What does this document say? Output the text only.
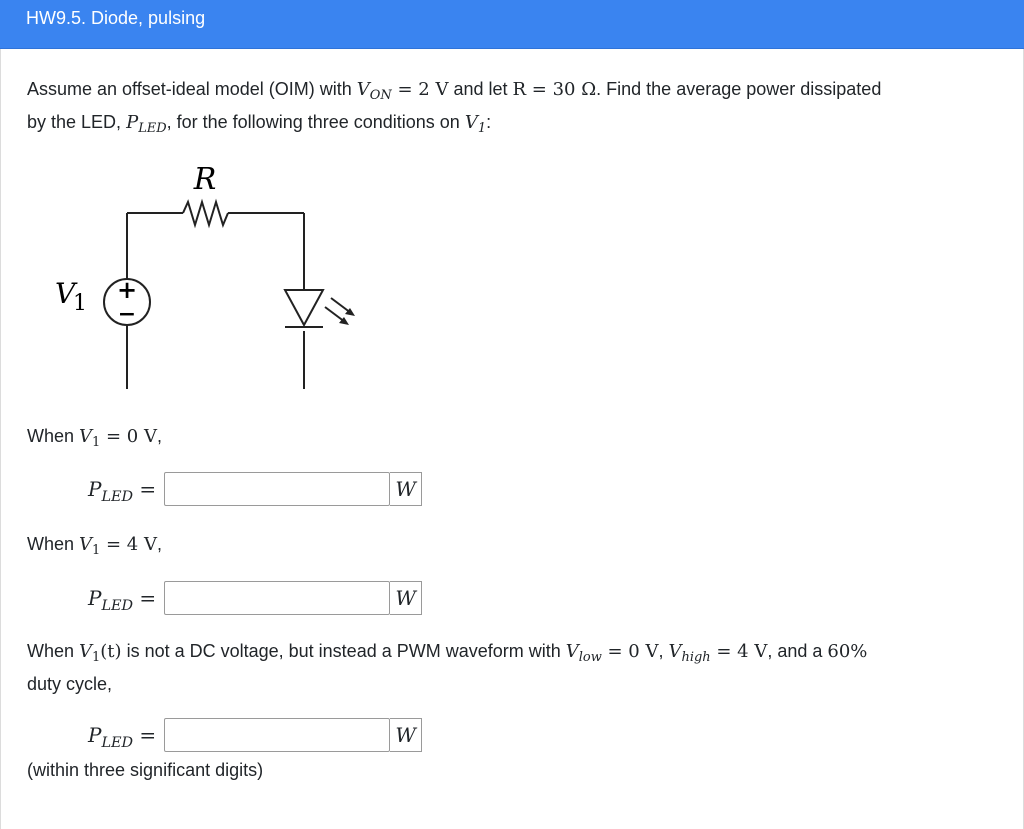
HW9.5. Diode, pulsing
Assume an offset-ideal model (OIM) with $V_{ON} = 2$ V and let R = 30 Ω. Find the average power dissipated
by the LED, $P_{LED}$, for the following three conditions on $V_1$:
+
−
R
V
1
When $V_1 = 0$ V,
$P_{LED}$ =	W
When $V_1 = 4$ V,
$P_{LED}$ =	W
When $V_1(t)$ is not a DC voltage, but instead a PWM waveform with $V_{low} = 0$ V, $V_{high} = 4$ V, and a 60%
duty cycle,
$P_{LED}$ =	W
(within three significant digits)
